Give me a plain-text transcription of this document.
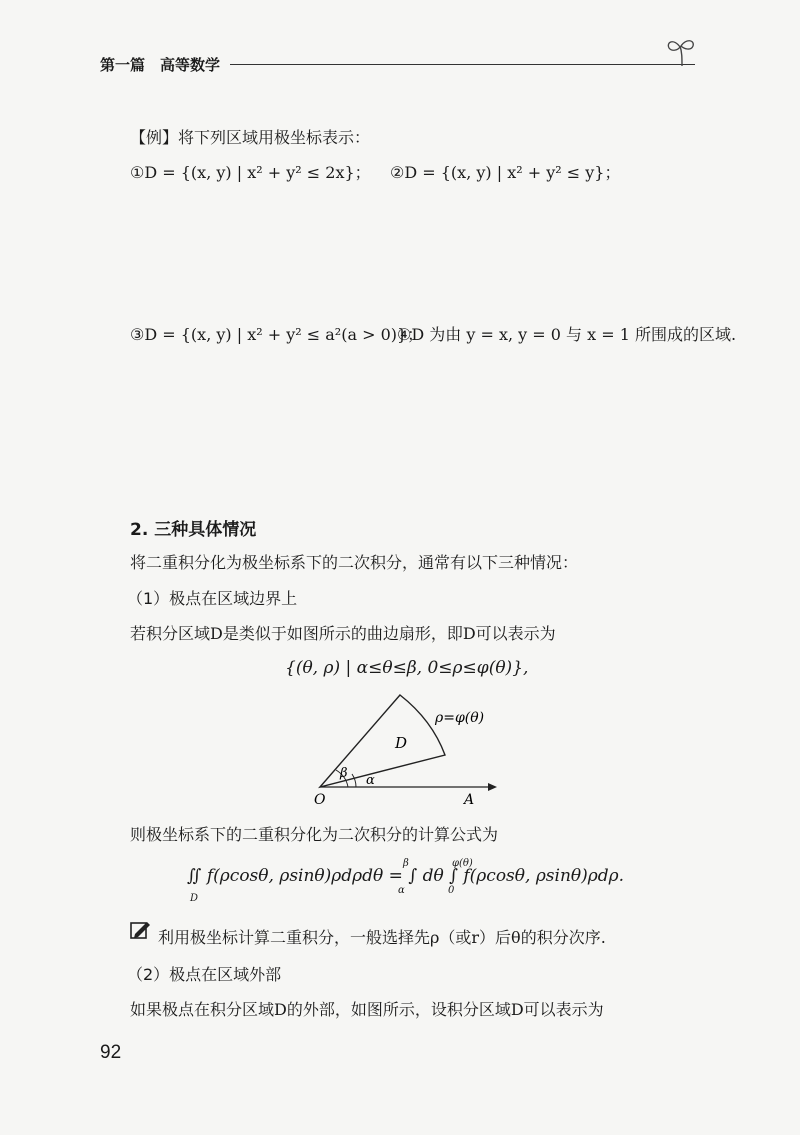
第一篇 高等数学
【例】将下列区域用极坐标表示：
①D = {(x, y) | x² + y² ≤ 2x}； ②D = {(x, y) | x² + y² ≤ y}；
③D = {(x, y) | x² + y² ≤ a²(a > 0)}；
④D 为由 y = x, y = 0 与 x = 1 所围成的区域.
2. 三种具体情况
将二重积分化为极坐标系下的二次积分，通常有以下三种情况：
（1）极点在区域边界上
若积分区域D是类似于如图所示的曲边扇形，即D可以表示为
{(θ, ρ) | α≤θ≤β, 0≤ρ≤φ(θ)},
D
ρ=φ(θ)
β α
O	A
则极坐标系下的二重积分化为二次积分的计算公式为
∬ f(ρcosθ, ρsinθ)ρdρdθ = ∫ dθ ∫ f(ρcosθ, ρsinθ)ρdρ.
D
β
α
φ(θ)
0
利用极坐标计算二重积分，一般选择先ρ（或r）后θ的积分次序.
（2）极点在区域外部
如果极点在积分区域D的外部，如图所示，设积分区域D可以表示为
92
